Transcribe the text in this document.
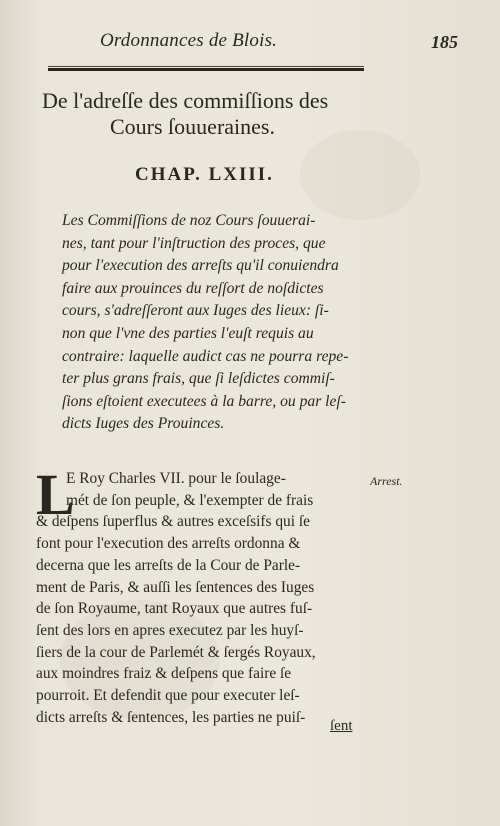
Ordonnances de Blois.	185
De l'adreſſe des commiſſions des
Cours ſouueraines.
CHAP. LXIII.
Les Commiſſions de noz Cours ſouuerai-
nes, tant pour l'inſtruction des proces, que
pour l'execution des arreſts qu'il conuiendra
faire aux prouinces du reſſort de noſdictes
cours, s'adreſſeront aux Iuges des lieux: ſi-
non que l'vne des parties l'euſt requis au
contraire: laquelle audict cas ne pourra repe-
ter plus grans frais, que ſi leſdictes commiſ-
ſions eſtoient executees à la barre, ou par leſ-
dicts Iuges des Prouinces.
L
E Roy Charles VII. pour le ſoulage-
mét de ſon peuple, & l'exempter de frais
& deſpens ſuperflus & autres exceſsifs qui ſe
font pour l'execution des arreſts ordonna &
decerna que les arreſts de la Cour de Parle-
ment de Paris, & auſſi les ſentences des Iuges
de ſon Royaume, tant Royaux que autres fuſ-
ſent des lors en apres executez par les huyſ-
ſiers de la cour de Parlemét & ſergés Royaux,
aux moindres fraiz & deſpens que faire ſe
pourroit. Et defendit que pour executer leſ-
dicts arreſts & ſentences, les parties ne puiſ-
Arrest.
ſent
